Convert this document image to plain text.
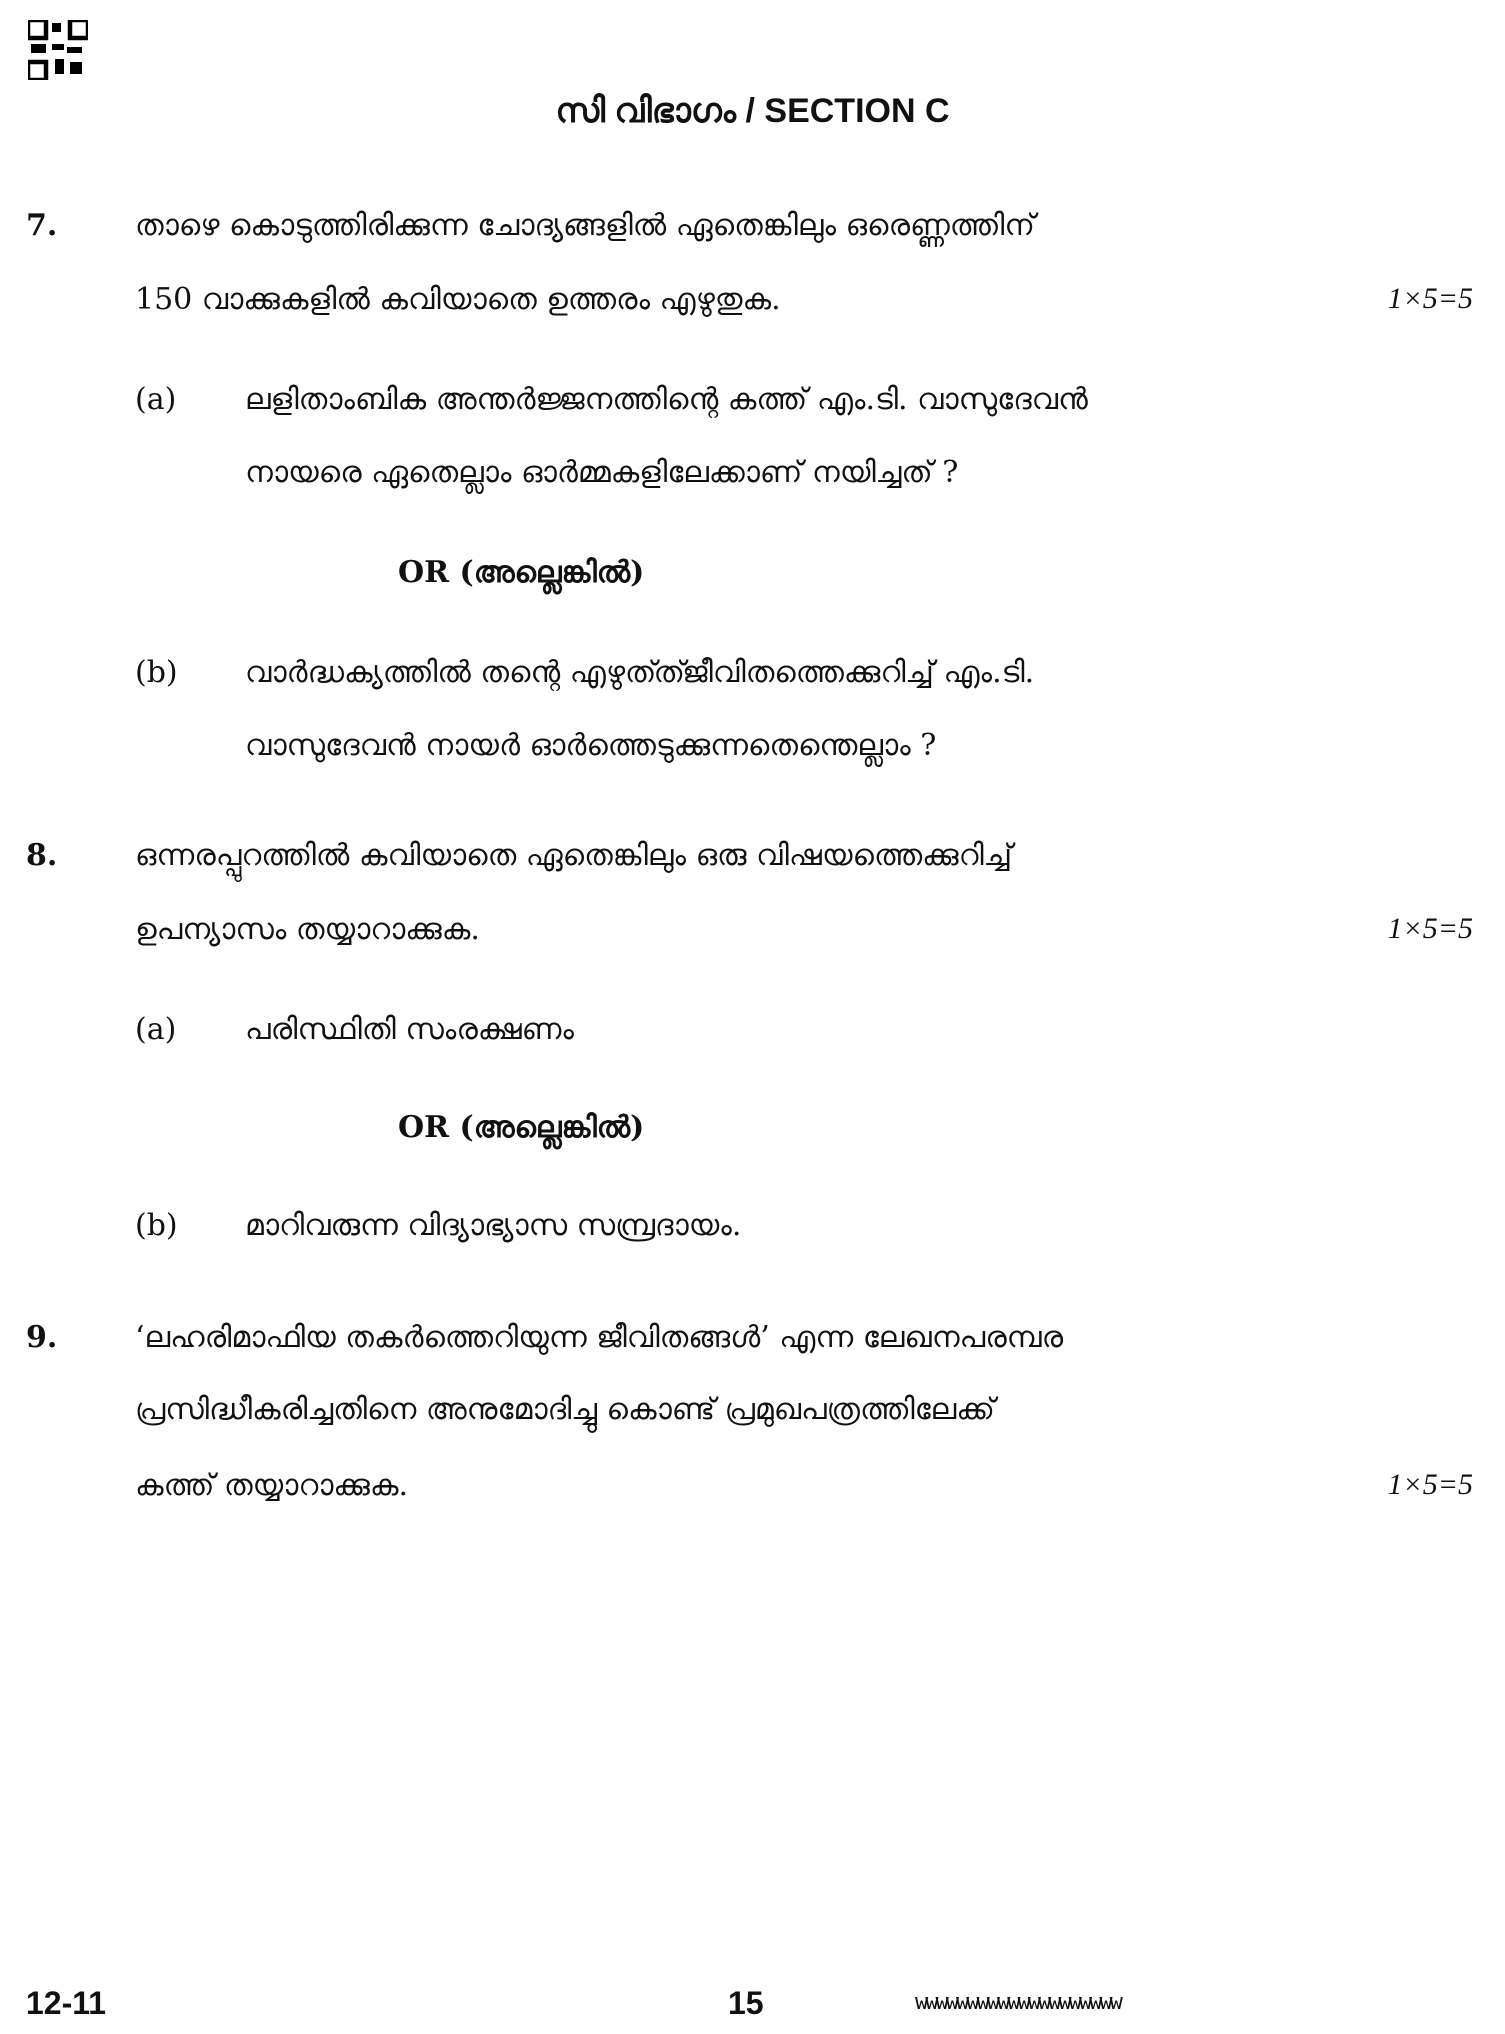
സി വിഭാഗം / SECTION C
7.	താഴെ കൊടുത്തിരിക്കുന്ന ചോദ്യങ്ങളിൽ ഏതെങ്കിലും ഒരെണ്ണത്തിന്
150 വാക്കുകളിൽ കവിയാതെ ഉത്തരം എഴുതുക.	1×5=5
(a) ലളിതാംബിക അന്തർജ്ജനത്തിന്റെ കത്ത് എം.ടി. വാസുദേവൻ
നായരെ ഏതെല്ലാം ഓർമ്മകളിലേക്കാണ് നയിച്ചത് ?
OR (അല്ലെങ്കിൽ)
(b) വാർദ്ധക്യത്തിൽ തന്റെ എഴുത്ത്ജീവിതത്തെക്കുറിച്ച് എം.ടി.
വാസുദേവൻ നായർ ഓർത്തെടുക്കുന്നതെന്തെല്ലാം ?
8.	ഒന്നരപ്പുറത്തിൽ കവിയാതെ ഏതെങ്കിലും ഒരു വിഷയത്തെക്കുറിച്ച്
ഉപന്യാസം തയ്യാറാക്കുക.	1×5=5
(a) പരിസ്ഥിതി സംരക്ഷണം
OR (അല്ലെങ്കിൽ)
(b) മാറിവരുന്ന വിദ്യാഭ്യാസ സമ്പ്രദായം.
9.	‘ലഹരിമാഫിയ തകർത്തെറിയുന്ന ജീവിതങ്ങൾ’ എന്ന ലേഖനപരമ്പര
പ്രസിദ്ധീകരിച്ചതിനെ അനുമോദിച്ചു കൊണ്ട് പ്രമുഖപത്രത്തിലേക്ക്
കത്ത് തയ്യാറാക്കുക.	1×5=5
12-11	15	wwwwwwwwwwwwwwwwwwww
